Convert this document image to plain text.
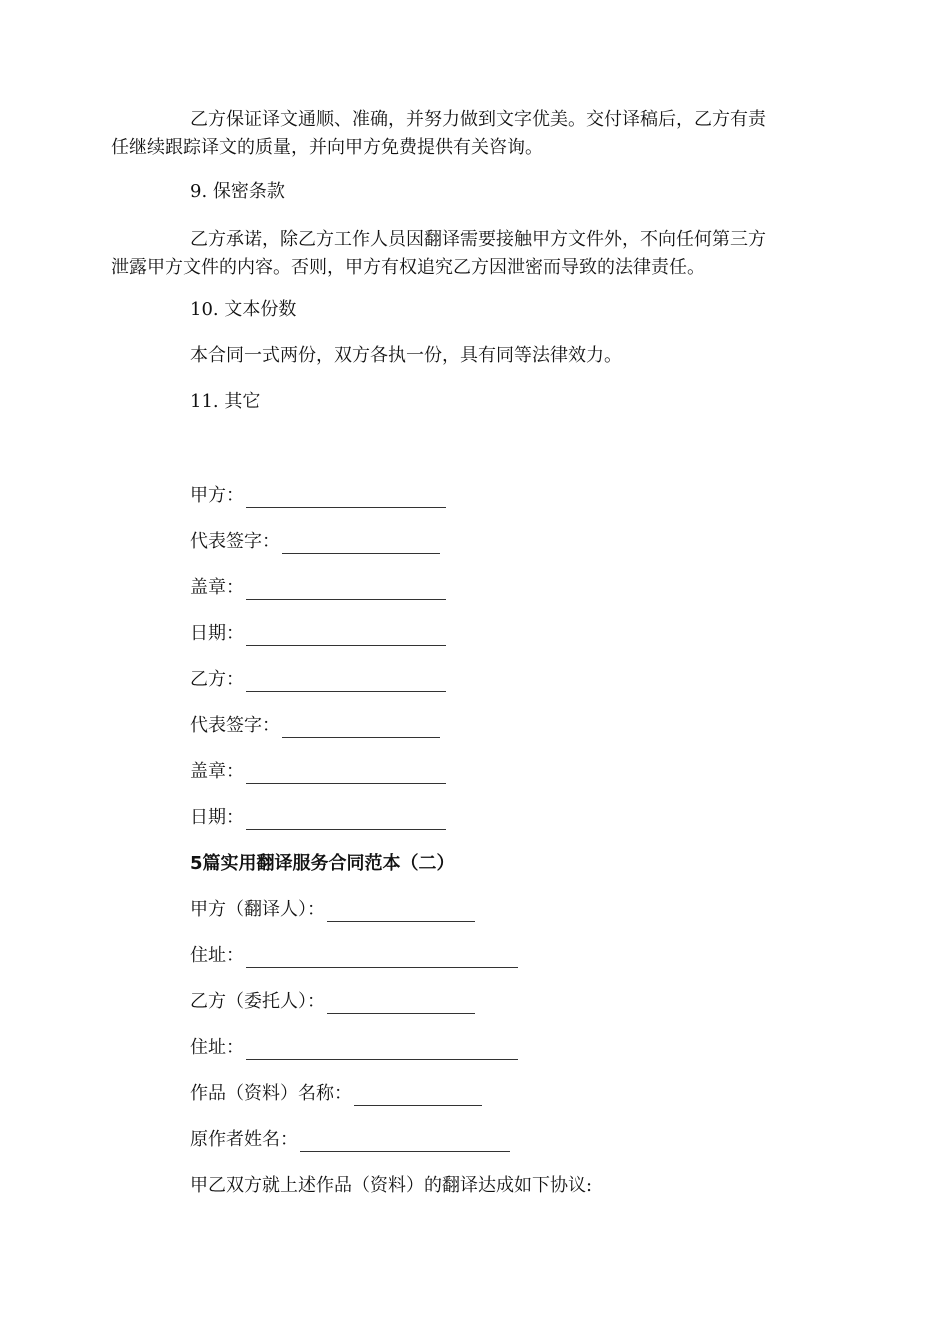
乙方保证译文通顺、准确，并努力做到文字优美。交付译稿后，乙方有责
任继续跟踪译文的质量，并向甲方免费提供有关咨询。
9. 保密条款
乙方承诺，除乙方工作人员因翻译需要接触甲方文件外，不向任何第三方
泄露甲方文件的内容。否则，甲方有权追究乙方因泄密而导致的法律责任。
10. 文本份数
本合同一式两份，双方各执一份，具有同等法律效力。
11. 其它
甲方：
代表签字：
盖章：
日期：
乙方：
代表签字：
盖章：
日期：
5篇实用翻译服务合同范本（二）
甲方（翻译人）：
住址：
乙方（委托人）：
住址：
作品（资料）名称：
原作者姓名：
甲乙双方就上述作品（资料）的翻译达成如下协议:
